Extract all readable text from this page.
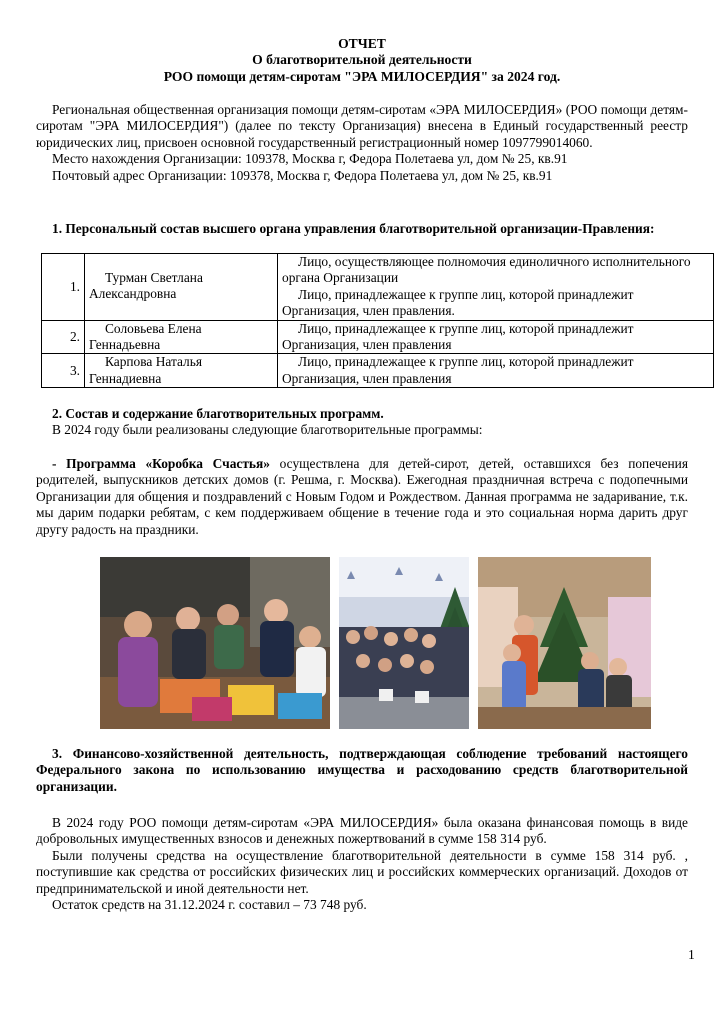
ОТЧЕТ
О благотворительной деятельности
РОО помощи детям-сиротам "ЭРА МИЛОСЕРДИЯ" за 2024 год.

Региональная общественная организация помощи детям-сиротам «ЭРА МИЛОСЕРДИЯ» (РОО помощи детям-сиротам "ЭРА МИЛОСЕРДИЯ") (далее по тексту Организация) внесена в Единый государственный реестр юридических лиц, присвоен основной государственный регистрационный номер 1097799014060.

Место нахождения Организации: 109378, Москва г, Федора Полетаева ул, дом № 25, кв.91

Почтовый адрес Организации: 109378, Москва г, Федора Полетаева ул, дом № 25, кв.91

1. Персональный состав высшего органа управления благотворительной организации-Правления:

1.	Турман Светлана Александровна	Лицо, осуществляющее полномочия единоличного исполнительного органа Организации
Лицо, принадлежащее к группе лиц, которой принадлежит Организация, член правления.

2.	Соловьева Елена Геннадьевна	Лицо, принадлежащее к группе лиц, которой принадлежит Организация, член правления

3.	Карпова Наталья Геннадиевна	Лицо, принадлежащее к группе лиц, которой принадлежит Организация, член правления

2. Состав и содержание благотворительных программ.

В 2024 году были реализованы следующие благотворительные программы:

- Программа «Коробка Счастья» осуществлена для детей-сирот, детей, оставшихся без попечения родителей, выпускников детских домов (г. Решма, г. Москва). Ежегодная праздничная встреча с подопечными Организации для общения и поздравлений с Новым Годом и Рождеством. Данная программа не задаривание, т.к. мы дарим подарки ребятам, с кем поддерживаем общение в течение года и это социальная норма дарить друг другу радость на праздники.

3. Финансово-хозяйственной деятельность, подтверждающая соблюдение требований настоящего Федерального закона по использованию имущества и расходованию средств благотворительной организации.

В 2024 году РОО помощи детям-сиротам «ЭРА МИЛОСЕРДИЯ» была оказана финансовая помощь в виде добровольных имущественных взносов и денежных пожертвований в сумме 158 314 руб.

Были получены средства на осуществление благотворительной деятельности в сумме 158 314 руб. , поступившие как средства от российских физических лиц и российских коммерческих организаций. Доходов от предпринимательской и иной деятельности нет.

Остаток средств на 31.12.2024 г. составил – 73 748 руб.

1
